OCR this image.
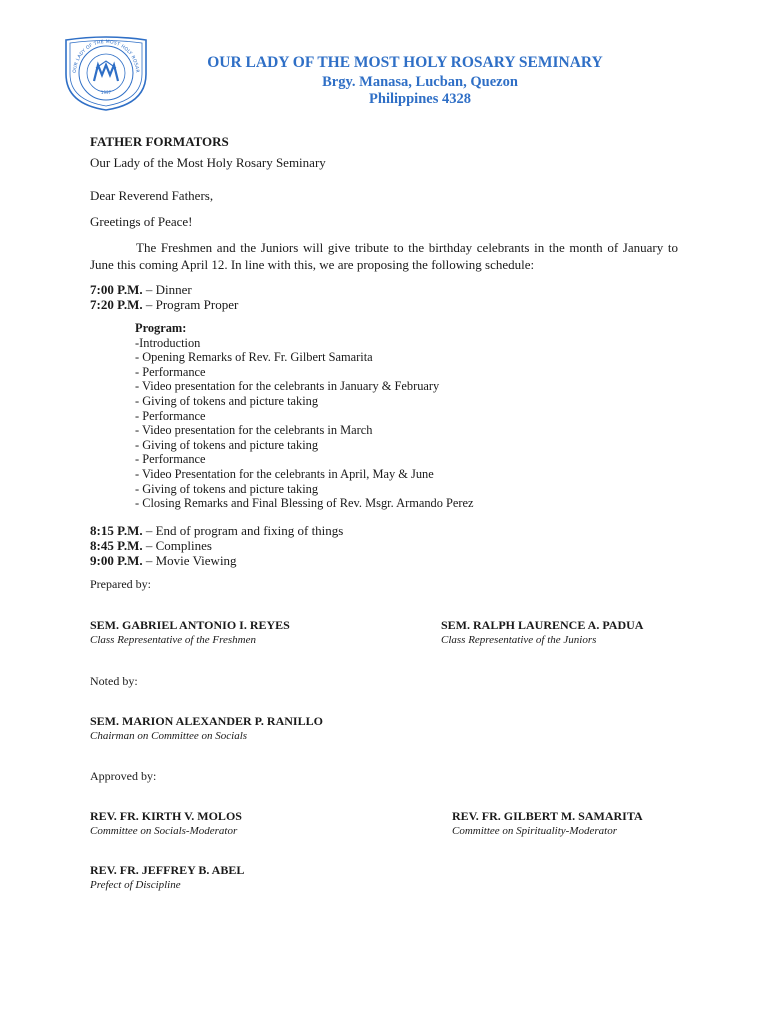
OUR LADY OF THE MOST HOLY ROSAR
1997
OUR LADY OF THE MOST HOLY ROSARY SEMINARY
Brgy. Manasa, Lucban, Quezon
Philippines 4328
FATHER FORMATORS
Our Lady of the Most Holy Rosary Seminary
Dear Reverend Fathers,
Greetings of Peace!
The Freshmen and the Juniors will give tribute to the birthday celebrants in the month of January to June this coming April 12. In line with this, we are proposing the following schedule:
7:00 P.M. – Dinner
7:20 P.M. – Program Proper
Program:
-Introduction
- Opening Remarks of Rev. Fr. Gilbert Samarita
- Performance
- Video presentation for the celebrants in January & February
- Giving of tokens and picture taking
- Performance
- Video presentation for the celebrants in March
- Giving of tokens and picture taking
- Performance
- Video Presentation for the celebrants in April, May & June
- Giving of tokens and picture taking
- Closing Remarks and Final Blessing of Rev. Msgr. Armando Perez
8:15 P.M. – End of program and fixing of things
8:45 P.M. – Complines
9:00 P.M. – Movie Viewing
Prepared by:
SEM. GABRIEL ANTONIO I. REYES
Class Representative of the Freshmen
SEM. RALPH LAURENCE A. PADUA
Class Representative of the Juniors
Noted by:
SEM. MARION ALEXANDER P. RANILLO
Chairman on Committee on Socials
Approved by:
REV. FR. KIRTH V. MOLOS
Committee on Socials-Moderator
REV. FR. GILBERT M. SAMARITA
Committee on Spirituality-Moderator
REV. FR. JEFFREY B. ABEL
Prefect of Discipline
